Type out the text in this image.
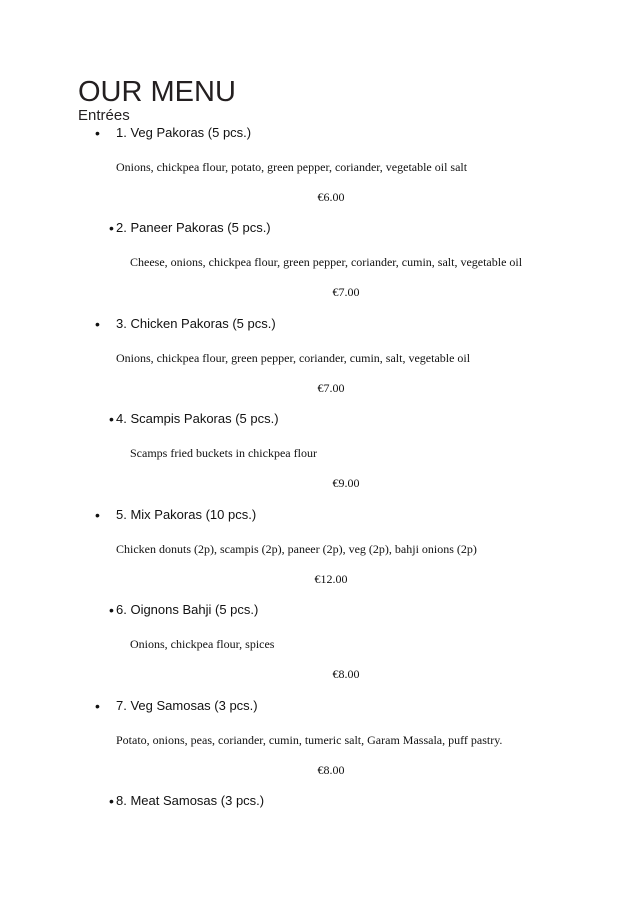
OUR MENU
Entrées
• 1. Veg Pakoras (5 pcs.)
Onions, chickpea flour, potato, green pepper, coriander, vegetable oil salt
€6.00
• 2. Paneer Pakoras (5 pcs.)
Cheese, onions, chickpea flour, green pepper, coriander, cumin, salt, vegetable oil
€7.00
• 3. Chicken Pakoras (5 pcs.)
Onions, chickpea flour, green pepper, coriander, cumin, salt, vegetable oil
€7.00
• 4. Scampis Pakoras (5 pcs.)
Scamps fried buckets in chickpea flour
€9.00
• 5. Mix Pakoras (10 pcs.)
Chicken donuts (2p), scampis (2p), paneer (2p), veg (2p), bahji onions (2p)
€12.00
• 6. Oignons Bahji (5 pcs.)
Onions, chickpea flour, spices
€8.00
• 7. Veg Samosas (3 pcs.)
Potato, onions, peas, coriander, cumin, tumeric salt, Garam Massala, puff pastry.
€8.00
• 8. Meat Samosas (3 pcs.)
